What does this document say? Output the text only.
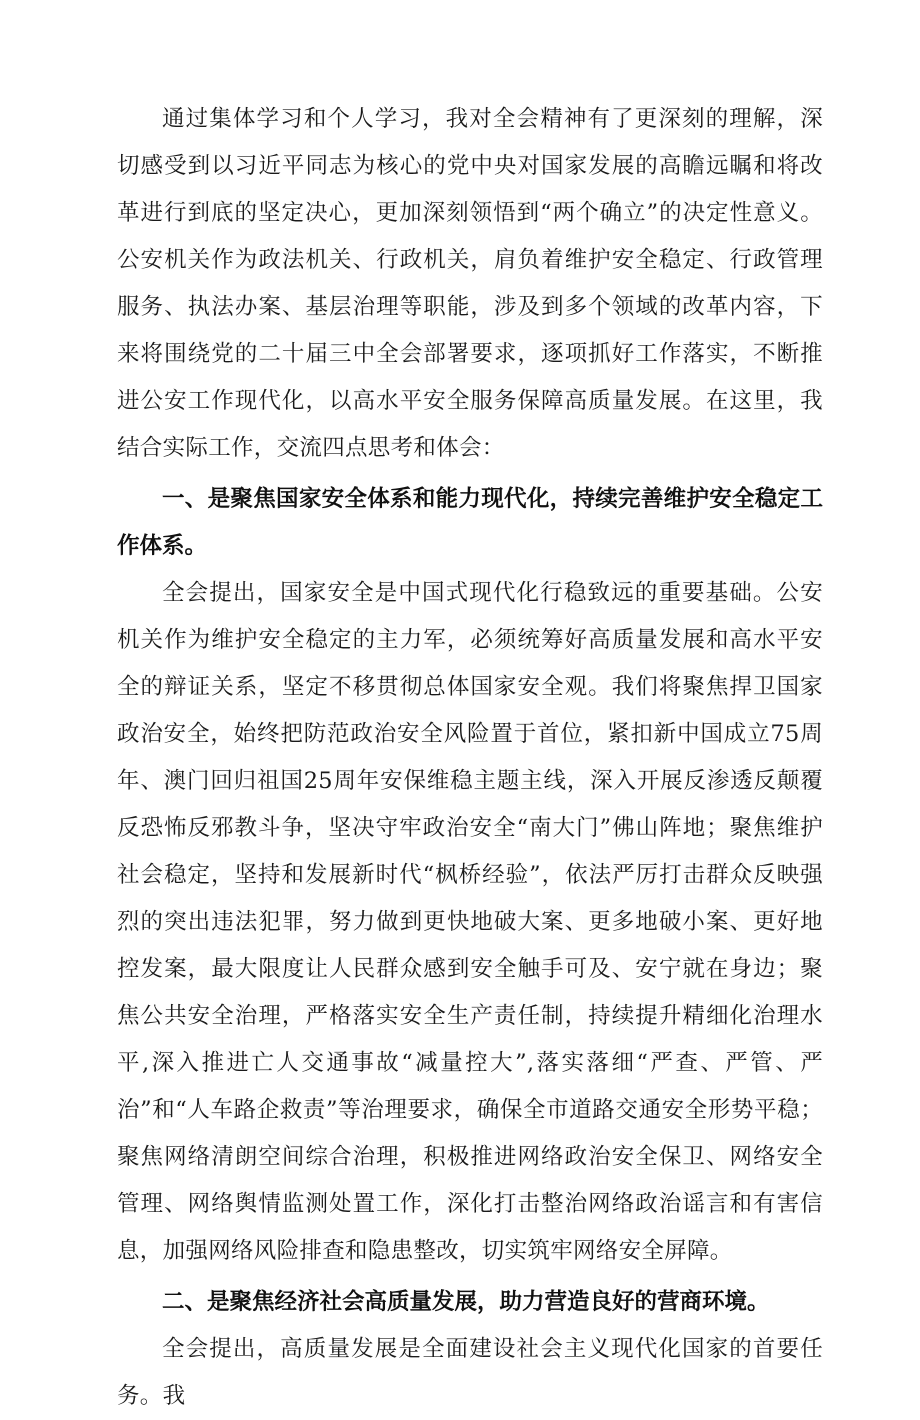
通过集体学习和个人学习，我对全会精神有了更深刻的理解，深切感受到以习近平同志为核心的党中央对国家发展的高瞻远瞩和将改革进行到底的坚定决心，更加深刻领悟到“两个确立”的决定性意义。公安机关作为政法机关、行政机关，肩负着维护安全稳定、行政管理服务、执法办案、基层治理等职能，涉及到多个领域的改革内容，下来将围绕党的二十届三中全会部署要求，逐项抓好工作落实，不断推进公安工作现代化，以高水平安全服务保障高质量发展。在这里，我结合实际工作，交流四点思考和体会：

一、是聚焦国家安全体系和能力现代化，持续完善维护安全稳定工作体系。

全会提出，国家安全是中国式现代化行稳致远的重要基础。公安机关作为维护安全稳定的主力军，必须统筹好高质量发展和高水平安全的辩证关系，坚定不移贯彻总体国家安全观。我们将聚焦捍卫国家政治安全，始终把防范政治安全风险置于首位，紧扣新中国成立75周年、澳门回归祖国25周年安保维稳主题主线，深入开展反渗透反颠覆反恐怖反邪教斗争，坚决守牢政治安全“南大门”佛山阵地；聚焦维护社会稳定，坚持和发展新时代“枫桥经验”，依法严厉打击群众反映强烈的突出违法犯罪，努力做到更快地破大案、更多地破小案、更好地控发案，最大限度让人民群众感到安全触手可及、安宁就在身边；聚焦公共安全治理，严格落实安全生产责任制，持续提升精细化治理水平,深入推进亡人交通事故“减量控大”,落实落细“严查、严管、严治”和“人车路企救责”等治理要求，确保全市道路交通安全形势平稳；聚焦网络清朗空间综合治理，积极推进网络政治安全保卫、网络安全管理、网络舆情监测处置工作，深化打击整治网络政治谣言和有害信息，加强网络风险排查和隐患整改，切实筑牢网络安全屏障。

二、是聚焦经济社会高质量发展，助力营造良好的营商环境。

全会提出，高质量发展是全面建设社会主义现代化国家的首要任务。我
